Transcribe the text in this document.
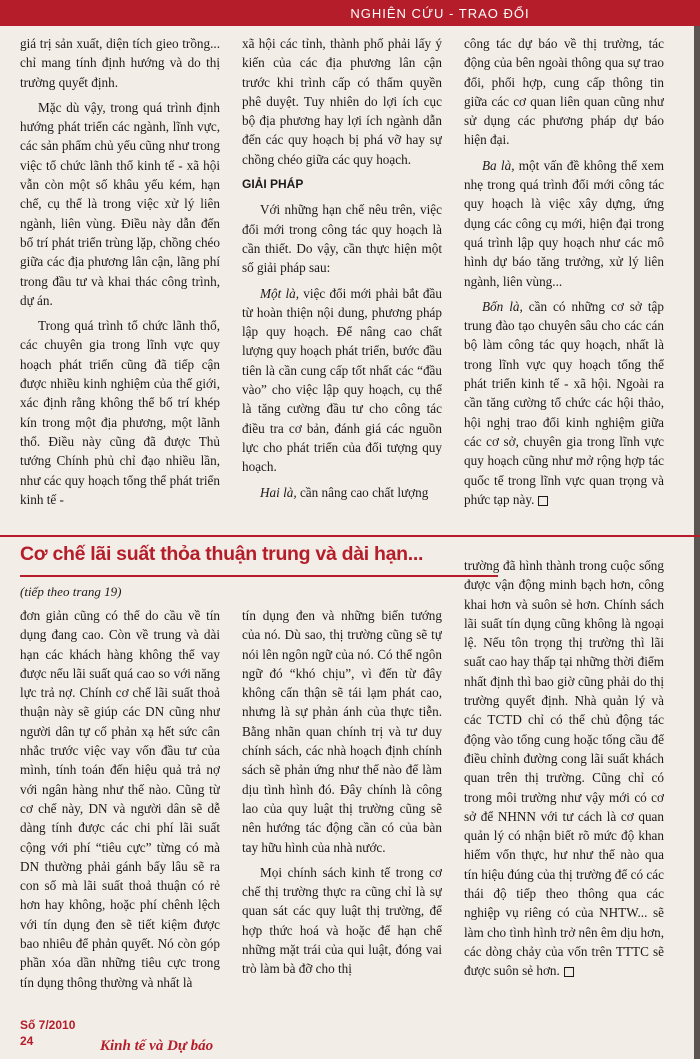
NGHIÊN CỨU - TRAO ĐỔI

giá trị sản xuất, diện tích gieo trồng... chỉ mang tính định hướng và do thị trường quyết định.

Mặc dù vậy, trong quá trình định hướng phát triển các ngành, lĩnh vực, các sản phẩm chủ yếu cũng như trong việc tổ chức lãnh thổ kinh tế - xã hội vẫn còn một số khâu yếu kém, hạn chế, cụ thể là trong việc xử lý liên ngành, liên vùng. Điều này dẫn đến bố trí phát triển trùng lặp, chồng chéo giữa các địa phương lân cận, lãng phí trong đầu tư và khai thác công trình, dự án.

Trong quá trình tổ chức lãnh thổ, các chuyên gia trong lĩnh vực quy hoạch phát triển cũng đã tiếp cận được nhiều kinh nghiệm của thế giới, xác định rằng không thể bố trí khép kín trong một địa phương, một lãnh thổ. Điều này cũng đã được Thủ tướng Chính phủ chỉ đạo nhiều lần, như các quy hoạch tổng thể phát triển kinh tế -

xã hội các tỉnh, thành phố phải lấy ý kiến của các địa phương lân cận trước khi trình cấp có thẩm quyền phê duyệt. Tuy nhiên do lợi ích cục bộ địa phương hay lợi ích ngành dẫn đến các quy hoạch bị phá vỡ hay sự chồng chéo giữa các quy hoạch.

GIẢI PHÁP

Với những hạn chế nêu trên, việc đổi mới trong công tác quy hoạch là cần thiết. Do vậy, cần thực hiện một số giải pháp sau:

Một là, việc đổi mới phải bắt đầu từ hoàn thiện nội dung, phương pháp lập quy hoạch. Để nâng cao chất lượng quy hoạch phát triển, bước đầu tiên là cần cung cấp tốt nhất các “đầu vào” cho việc lập quy hoạch, cụ thể là tăng cường đầu tư cho công tác điều tra cơ bản, đánh giá các nguồn lực cho phát triển của đối tượng quy hoạch.

Hai là, cần nâng cao chất lượng

công tác dự báo về thị trường, tác động của bên ngoài thông qua sự trao đổi, phối hợp, cung cấp thông tin giữa các cơ quan liên quan cũng như sử dụng các phương pháp dự báo hiện đại.

Ba là, một vấn đề không thể xem nhẹ trong quá trình đổi mới công tác quy hoạch là việc xây dựng, ứng dụng các công cụ mới, hiện đại trong quá trình lập quy hoạch như các mô hình dự báo tăng trưởng, xử lý liên ngành, liên vùng...

Bốn là, cần có những cơ sở tập trung đào tạo chuyên sâu cho các cán bộ làm công tác quy hoạch, nhất là trong lĩnh vực quy hoạch tổng thể phát triển kinh tế - xã hội. Ngoài ra cần tăng cường tổ chức các hội thảo, hội nghị trao đổi kinh nghiệm giữa các cơ sở, chuyên gia trong lĩnh vực quy hoạch cũng như mở rộng hợp tác quốc tế trong lĩnh vực quan trọng và phức tạp này.

Cơ chế lãi suất thỏa thuận trung và dài hạn...
(tiếp theo trang 19)

đơn giản cũng có thể do cầu về tín dụng đang cao. Còn về trung và dài hạn các khách hàng không thể vay được nếu lãi suất quá cao so với năng lực trả nợ. Chính cơ chế lãi suất thoả thuận này sẽ giúp các DN cũng như người dân tự cố phản xạ hết sức cân nhắc trước việc vay vốn đầu tư của mình, tính toán đến hiệu quả trả nợ với ngân hàng như thế nào. Cũng từ cơ chế này, DN và người dân sẽ dễ dàng tính được các chi phí lãi suất cộng với phí “tiêu cực” từng có mà DN thường phải gánh bấy lâu sẽ ra con số mà lãi suất thoả thuận có rẻ hơn hay không, hoặc phí chênh lệch với tín dụng đen sẽ tiết kiệm được bao nhiêu để phản quyết. Nó còn góp phần xóa dần những tiêu cực trong tín dụng thông thường và nhất là

tín dụng đen và những biến tướng của nó. Dù sao, thị trường cũng sẽ tự nói lên ngôn ngữ của nó. Có thể ngôn ngữ đó “khó chịu”, vì đến từ đây không cẩn thận sẽ tái lạm phát cao, nhưng là sự phản ánh của thực tiễn. Bằng nhãn quan chính trị và tư duy chính sách, các nhà hoạch định chính sách sẽ phản ứng như thế nào để làm dịu tình hình đó. Đây chính là công lao của quy luật thị trường cũng sẽ nên hướng tác động cần có của bàn tay hữu hình của nhà nước.

Mọi chính sách kinh tế trong cơ chế thị trường thực ra cũng chỉ là sự quan sát các quy luật thị trường, để hợp thức hoá và hoặc để hạn chế những mặt trái của qui luật, đóng vai trò làm bà đỡ cho thị

trường đã hình thành trong cuộc sống được vận động minh bạch hơn, công khai hơn và suôn sẻ hơn. Chính sách lãi suất tín dụng cũng không là ngoại lệ. Nếu tôn trọng thị trường thì lãi suất cao hay thấp tại những thời điểm nhất định thì bao giờ cũng phải do thị trường quyết định. Nhà quản lý và các TCTD chỉ có thể chủ động tác động vào tổng cung hoặc tổng cầu để điều chỉnh đường cong lãi suất khách quan trên thị trường. Cũng chỉ có trong môi trường như vậy mới có cơ sở để NHNN với tư cách là cơ quan quản lý có nhận biết rõ mức độ khan hiếm vốn thực, hư như thế nào qua tín hiệu đúng của thị trường để có các thái độ tiếp theo thông qua các nghiệp vụ riêng có của NHTW... sẽ làm cho tình hình trở nên êm dịu hơn, các dòng chảy của vốn trên TTTC sẽ được suôn sẻ hơn.

Số 7/2010
24	Kinh tế và Dự báo
